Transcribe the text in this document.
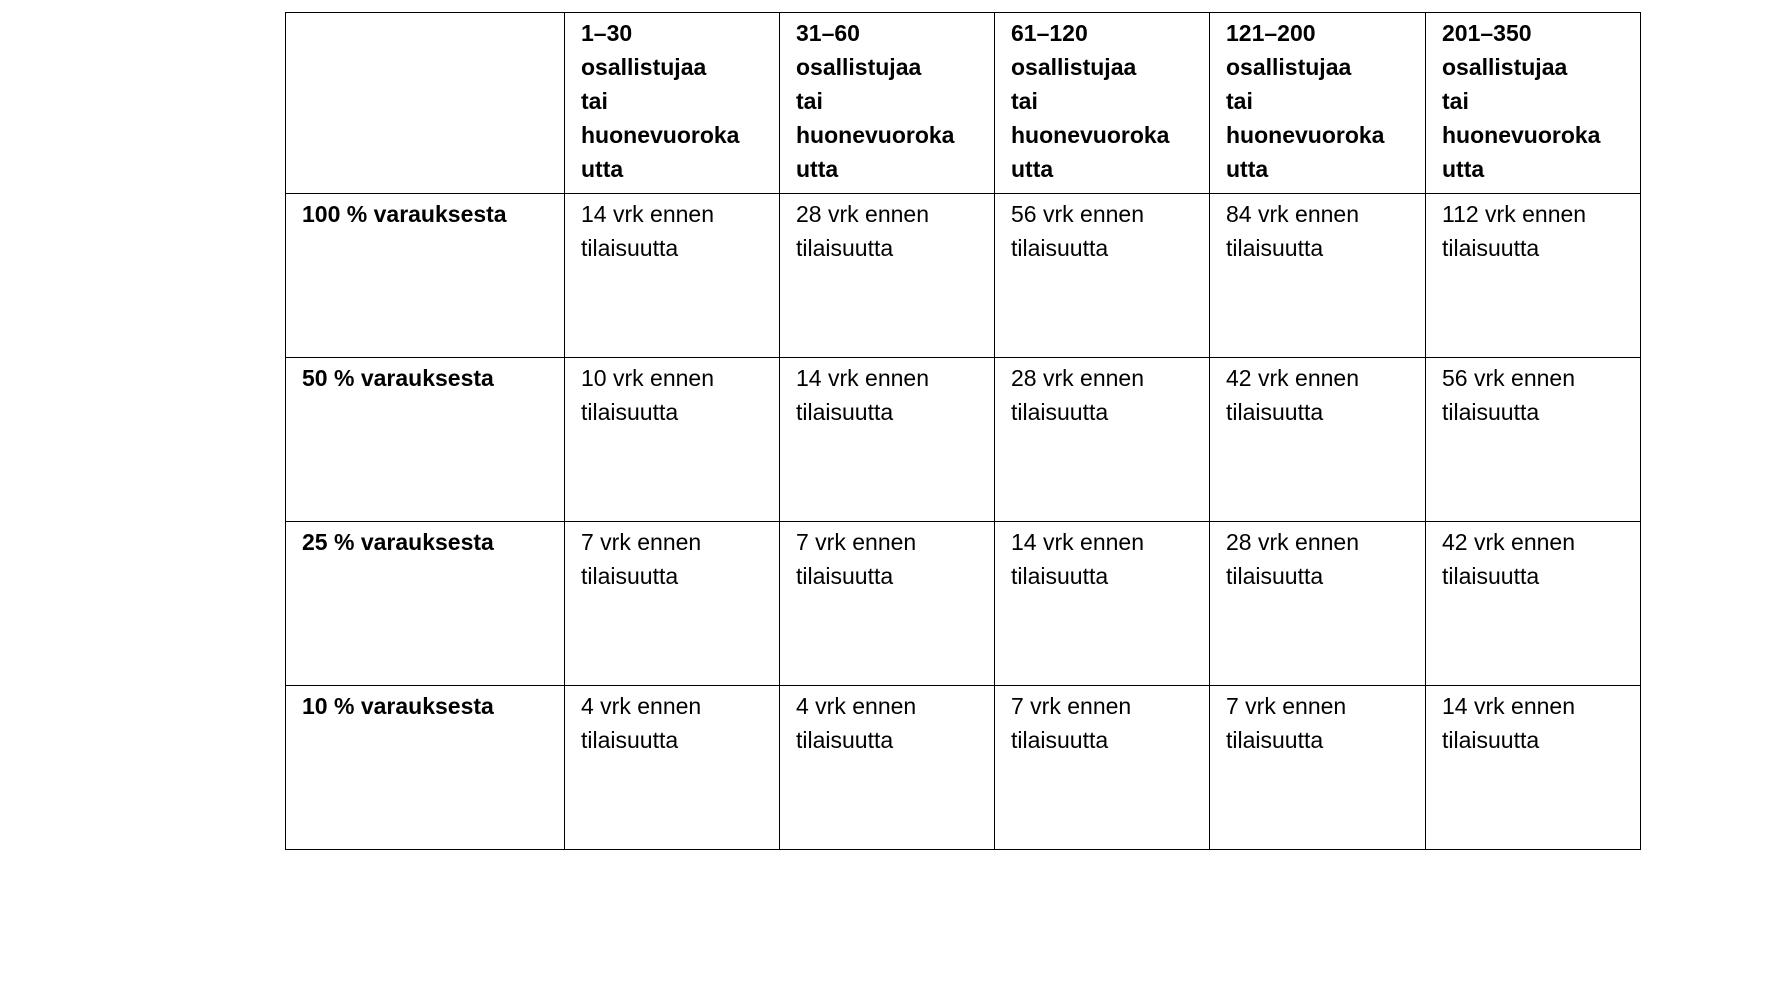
	1–30
osallistujaa
tai
huonevuoroka
utta	31–60
osallistujaa
tai
huonevuoroka
utta	61–120
osallistujaa
tai
huonevuoroka
utta	121–200
osallistujaa
tai
huonevuoroka
utta	201–350
osallistujaa
tai
huonevuoroka
utta

100 % varauksesta	14 vrk ennen
tilaisuutta	28 vrk ennen
tilaisuutta	56 vrk ennen
tilaisuutta	84 vrk ennen
tilaisuutta	112 vrk ennen
tilaisuutta

50 % varauksesta	10 vrk ennen
tilaisuutta	14 vrk ennen
tilaisuutta	28 vrk ennen
tilaisuutta	42 vrk ennen
tilaisuutta	56 vrk ennen
tilaisuutta

25 % varauksesta	7 vrk ennen
tilaisuutta	7 vrk ennen
tilaisuutta	14 vrk ennen
tilaisuutta	28 vrk ennen
tilaisuutta	42 vrk ennen
tilaisuutta

10 % varauksesta	4 vrk ennen
tilaisuutta	4 vrk ennen
tilaisuutta	7 vrk ennen
tilaisuutta	7 vrk ennen
tilaisuutta	14 vrk ennen
tilaisuutta
